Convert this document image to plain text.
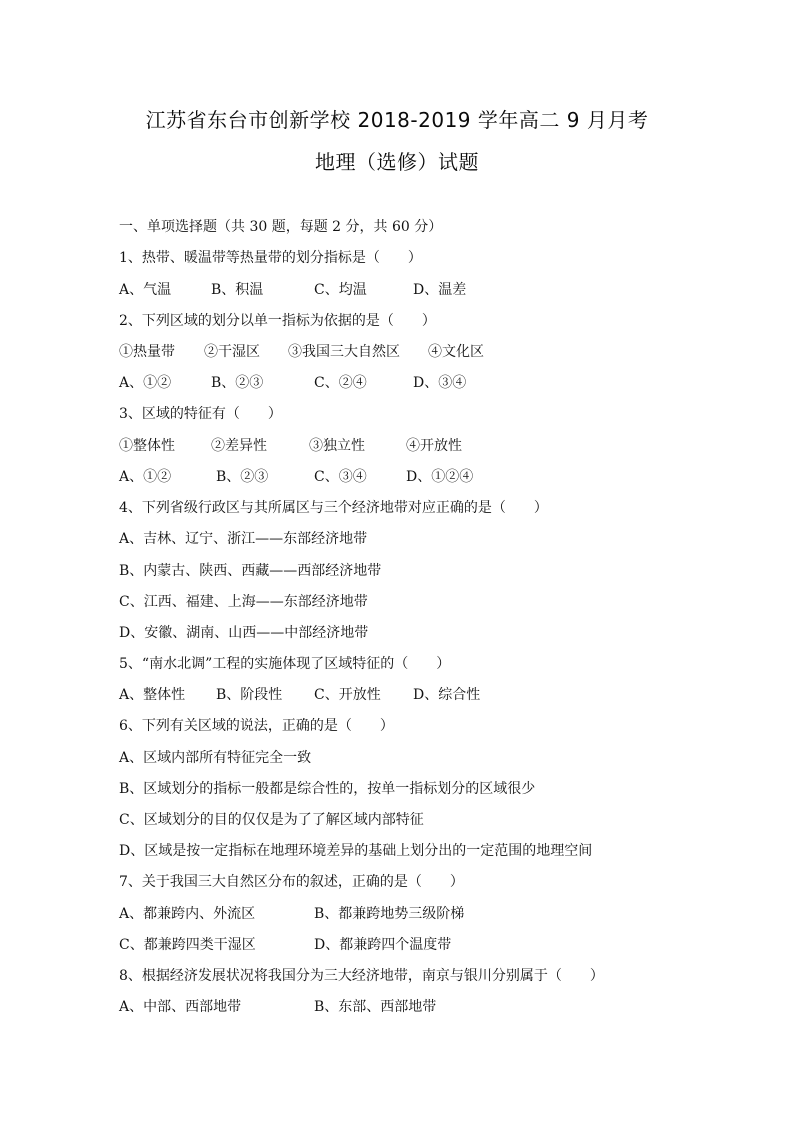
江苏省东台市创新学校 2018-2019 学年高二 9 月月考
地理（选修）试题
一、单项选择题（共 30 题，每题 2 分，共 60 分）
1、热带、暖温带等热量带的划分指标是（　　）
A、气温	B、积温	C、均温	D、温差
2、下列区域的划分以单一指标为依据的是（　　）
①热量带 ②干湿区 ③我国三大自然区 ④文化区
A、①②	B、②③	C、②④	D、③④
3、区域的特征有（　　）
①整体性	②差异性	③独立性	④开放性
A、①②	B、②③	C、③④	D、①②④
4、下列省级行政区与其所属区与三个经济地带对应正确的是（　　）
A、吉林、辽宁、浙江——东部经济地带
B、内蒙古、陕西、西藏——西部经济地带
C、江西、福建、上海——东部经济地带
D、安徽、湖南、山西——中部经济地带
5、“南水北调”工程的实施体现了区域特征的（　　）
A、整体性 B、阶段性 C、开放性 D、综合性
6、下列有关区域的说法，正确的是（　　）
A、区域内部所有特征完全一致
B、区域划分的指标一般都是综合性的，按单一指标划分的区域很少
C、区域划分的目的仅仅是为了了解区域内部特征
D、区域是按一定指标在地理环境差异的基础上划分出的一定范围的地理空间
7、关于我国三大自然区分布的叙述，正确的是（　　）
A、都兼跨内、外流区	B、都兼跨地势三级阶梯
C、都兼跨四类干湿区	D、都兼跨四个温度带
8、根据经济发展状况将我国分为三大经济地带，南京与银川分别属于（　　）
A、中部、西部地带	B、东部、西部地带
